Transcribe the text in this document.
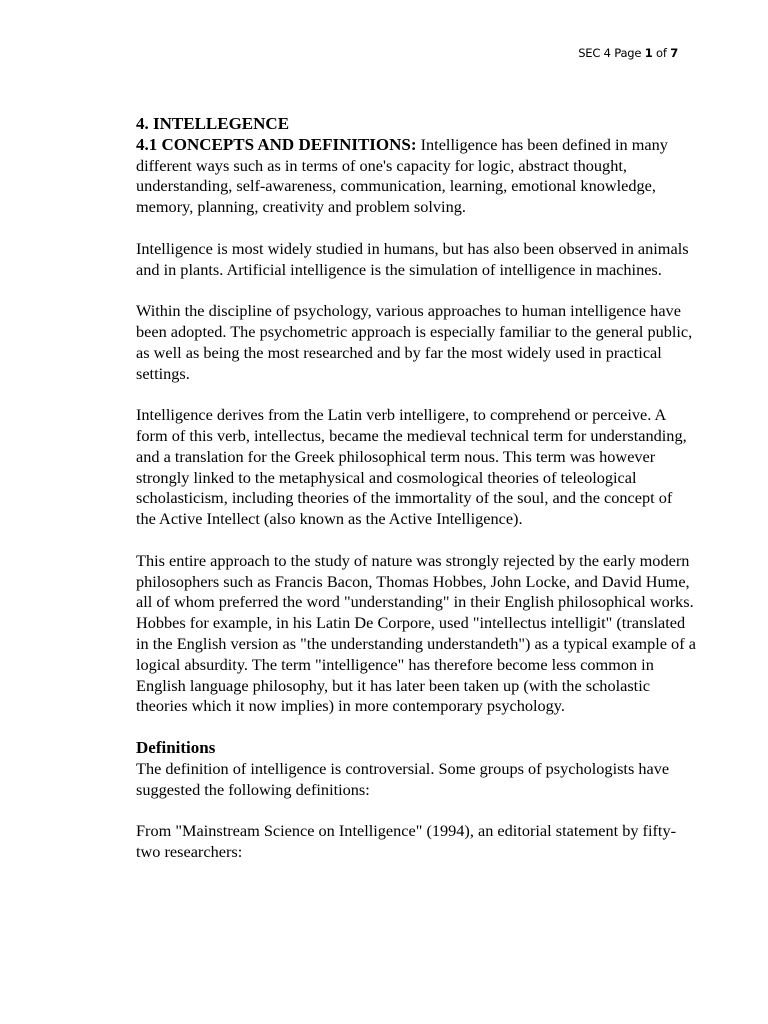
SEC 4 Page 1 of 7

4. INTELLEGENCE

4.1 CONCEPTS AND DEFINITIONS: Intelligence has been defined in many different ways such as in terms of one's capacity for logic, abstract thought, understanding, self-awareness, communication, learning, emotional knowledge, memory, planning, creativity and problem solving.

Intelligence is most widely studied in humans, but has also been observed in animals and in plants. Artificial intelligence is the simulation of intelligence in machines.

Within the discipline of psychology, various approaches to human intelligence have been adopted. The psychometric approach is especially familiar to the general public, as well as being the most researched and by far the most widely used in practical settings.

Intelligence derives from the Latin verb intelligere, to comprehend or perceive. A form of this verb, intellectus, became the medieval technical term for understanding, and a translation for the Greek philosophical term nous. This term was however strongly linked to the metaphysical and cosmological theories of teleological scholasticism, including theories of the immortality of the soul, and the concept of the Active Intellect (also known as the Active Intelligence).

This entire approach to the study of nature was strongly rejected by the early modern philosophers such as Francis Bacon, Thomas Hobbes, John Locke, and David Hume, all of whom preferred the word "understanding" in their English philosophical works. Hobbes for example, in his Latin De Corpore, used "intellectus intelligit" (translated in the English version as "the understanding understandeth") as a typical example of a logical absurdity. The term "intelligence" has therefore become less common in English language philosophy, but it has later been taken up (with the scholastic theories which it now implies) in more contemporary psychology.

Definitions
The definition of intelligence is controversial. Some groups of psychologists have suggested the following definitions:

From "Mainstream Science on Intelligence" (1994), an editorial statement by fifty-two researchers:
